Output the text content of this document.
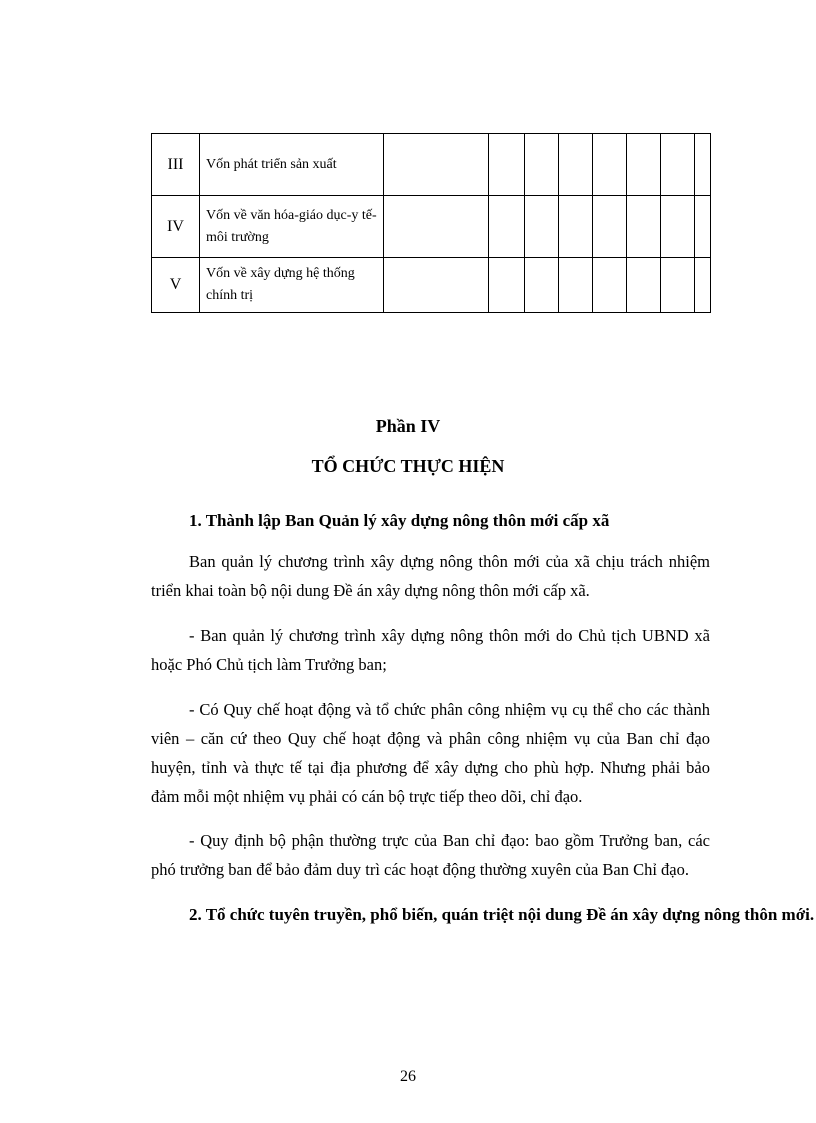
III	Vốn phát triển sản xuất								
IV	Vốn về văn hóa-giáo dục-y tế-môi trường								
V	Vốn về xây dựng hệ thống chính trị								
Phần IV
TỔ CHỨC THỰC HIỆN
1. Thành lập Ban Quản lý xây dựng nông thôn mới cấp xã

Ban quản lý chương trình xây dựng nông thôn mới của xã chịu trách nhiệm triển khai toàn bộ nội dung Đề án xây dựng nông thôn mới cấp xã.

- Ban quản lý chương trình xây dựng nông thôn mới do Chủ tịch UBND xã hoặc Phó Chủ tịch làm Trưởng ban;

- Có Quy chế hoạt động và tổ chức phân công nhiệm vụ cụ thể cho các thành viên – căn cứ theo Quy chế hoạt động và phân công nhiệm vụ của Ban chỉ đạo huyện, tỉnh và thực tế tại địa phương để xây dựng cho phù hợp. Nhưng phải bảo đảm mỗi một nhiệm vụ phải có cán bộ trực tiếp theo dõi, chỉ đạo.

- Quy định bộ phận thường trực của Ban chỉ đạo: bao gồm Trưởng ban, các phó trưởng ban để bảo đảm duy trì các hoạt động thường xuyên của Ban Chỉ đạo.

2. Tổ chức tuyên truyền, phổ biến, quán triệt nội dung Đề án xây dựng nông thôn mới.
26
